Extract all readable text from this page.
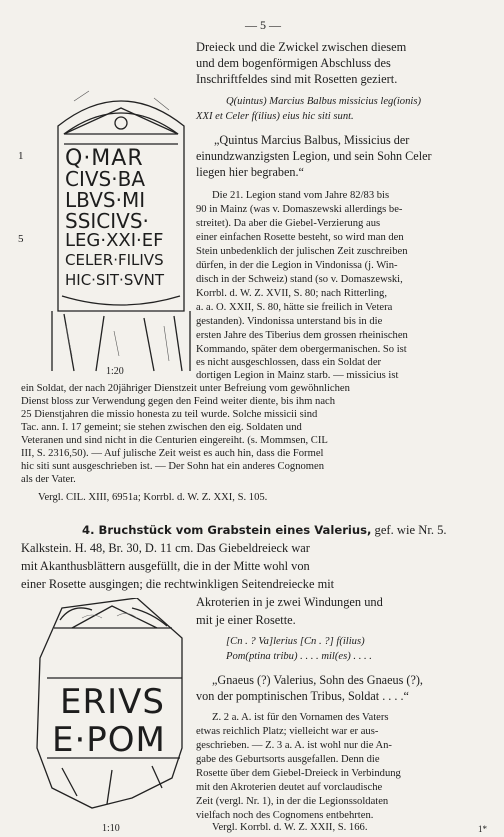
— 5 —
Q·MAR
CIVS·BA
LBVS·MI
SSICIVS·
LEG·XXI·EF
CELER·FILIVS
HIC·SIT·SVNT
1
5
1:20
Dreieck und die Zwickel zwischen diesem
und dem bogenförmigen Abschluss des
Inschriftfeldes sind mit Rosetten geziert.
Q(uintus) Marcius Balbus missicius leg(ionis)
XXI et Celer f(ilius) eius hic siti sunt.
„Quintus Marcius Balbus, Missicius der
einundzwanzigsten Legion, und sein Sohn Celer
liegen hier begraben.“
Die 21. Legion stand vom Jahre 82/83 bis
90 in Mainz (was v. Domaszewski allerdings be-
streitet). Da aber die Giebel-Verzierung aus
einer einfachen Rosette besteht, so wird man den
Stein unbedenklich der julischen Zeit zuschreiben
dürfen, in der die Legion in Vindonissa (j. Win-
disch in der Schweiz) stand (so v. Domaszewski,
Korrbl. d. W. Z. XVII, S. 80; nach Ritterling,
a. a. O. XXII, S. 80, hätte sie freilich in Vetera
gestanden). Vindonissa unterstand bis in die
ersten Jahre des Tiberius dem grossen rheinischen
Kommando, später dem obergermanischen. So ist
es nicht ausgeschlossen, dass ein Soldat der
dortigen Legion in Mainz starb. — missicius ist
ein Soldat, der nach 20jähriger Dienstzeit unter Befreiung vom gewöhnlichen
Dienst bloss zur Verwendung gegen den Feind weiter diente, bis ihm nach
25 Dienstjahren die missio honesta zu teil wurde. Solche missicii sind
Tac. ann. I. 17 gemeint; sie stehen zwischen den eig. Soldaten und
Veteranen und sind nicht in die Centurien eingereiht. (s. Mommsen, CIL
III, S. 2316,50). — Auf julische Zeit weist es auch hin, dass die Formel
hic siti sunt ausgeschrieben ist. — Der Sohn hat ein anderes Cognomen
als der Vater.
Vergl. CIL. XIII, 6951a; Korrbl. d. W. Z. XXI, S. 105.
4. Bruchstück vom Grabstein eines Valerius, gef. wie Nr. 5.
Kalkstein. H. 48, Br. 30, D. 11 cm. Das Giebeldreieck war
mit Akanthusblättern ausgefüllt, die in der Mitte wohl von
einer Rosette ausgingen; die rechtwinkligen Seitendreiecke mit
Akroterien in je zwei Windungen und
mit je einer Rosette.
[Cn . ? Va]lerius [Cn . ?] f(ilius)
Pom(ptina tribu) . . . . mil(es) . . . .
„Gnaeus (?) Valerius, Sohn des Gnaeus (?),
von der pomptinischen Tribus, Soldat . . . .“
Z. 2 a. A. ist für den Vornamen des Vaters
etwas reichlich Platz; vielleicht war er aus-
geschrieben. — Z. 3 a. A. ist wohl nur die An-
gabe des Geburtsorts ausgefallen. Denn die
Rosette über dem Giebel-Dreieck in Verbindung
mit den Akroterien deutet auf vorclaudische
Zeit (vergl. Nr. 1), in der die Legionssoldaten
vielfach noch des Cognomens entbehrten.
Vergl. Korrbl. d. W. Z. XXII, S. 166.	1*
ERIVS
E·POM
1:10
